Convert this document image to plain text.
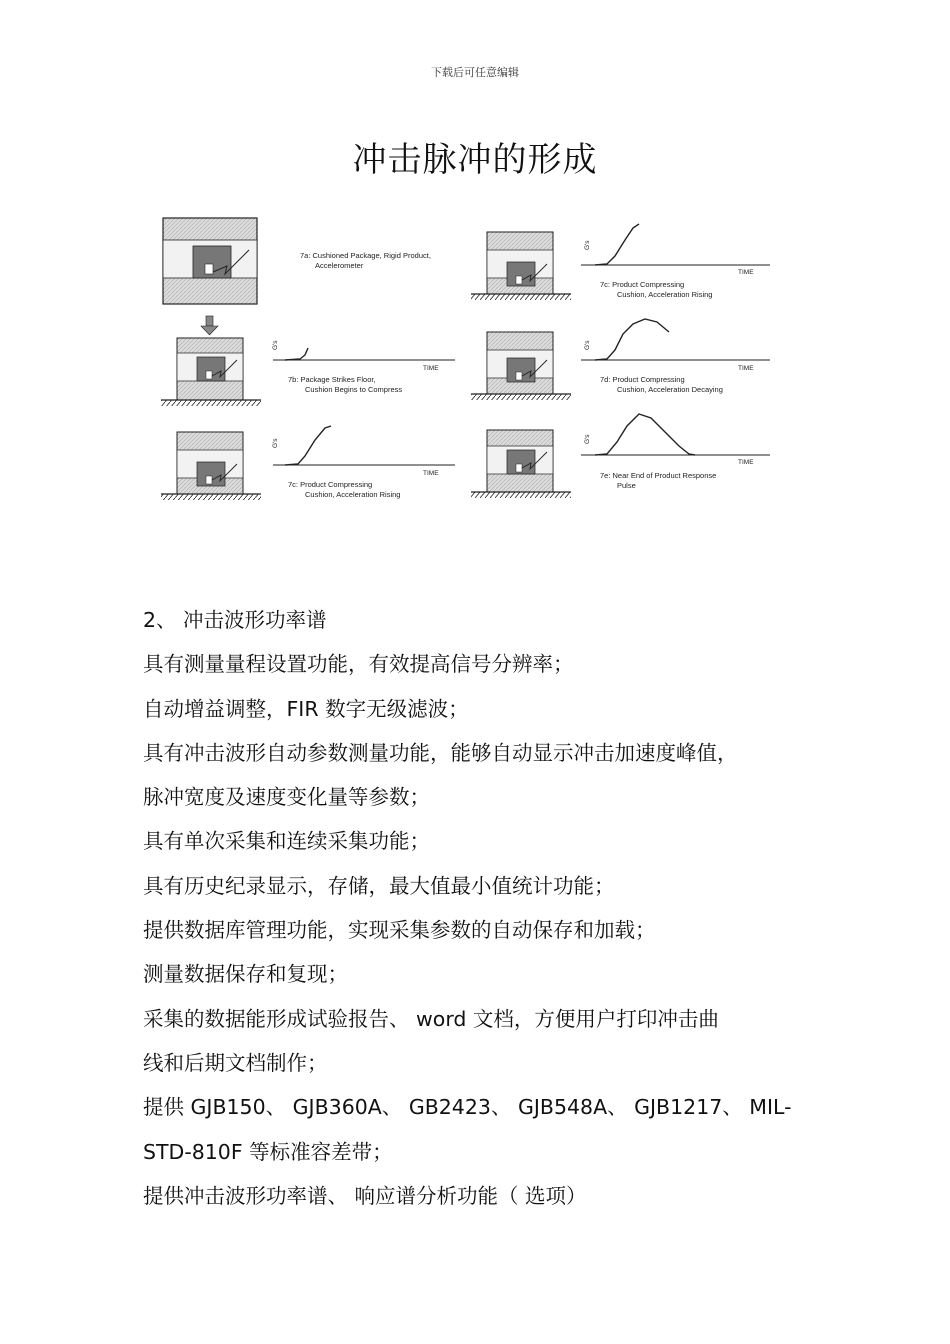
下载后可任意编辑
冲击脉冲的形成
7a: Cushioned Package, Rigid Product,
Accelerometer
G's
TIME
7b: Package Strikes Floor,
Cushion Begins to Compress
G's
TIME
7c: Product Compressing
Cushion, Acceleration Rising
G's
TIME
7c: Product Compressing
Cushion, Acceleration Rising
G's
TIME
7d: Product Compressing
Cushion, Acceleration Decaying
G's
TIME
7e: Near End of Product Response
Pulse
2、 冲击波形功率谱
具有测量量程设置功能，有效提高信号分辨率；
自动增益调整，FIR 数字无级滤波；
具有冲击波形自动参数测量功能，能够自动显示冲击加速度峰值，
脉冲宽度及速度变化量等参数；
具有单次采集和连续采集功能；
具有历史纪录显示，存储，最大值最小值统计功能；
提供数据库管理功能，实现采集参数的自动保存和加载；
测量数据保存和复现；
采集的数据能形成试验报告、 word 文档，方便用户打印冲击曲
线和后期文档制作；
提供 GJB150、 GJB360A、 GB2423、 GJB548A、 GJB1217、 MIL-
STD-810F 等标准容差带；
提供冲击波形功率谱、 响应谱分析功能（ 选项）
